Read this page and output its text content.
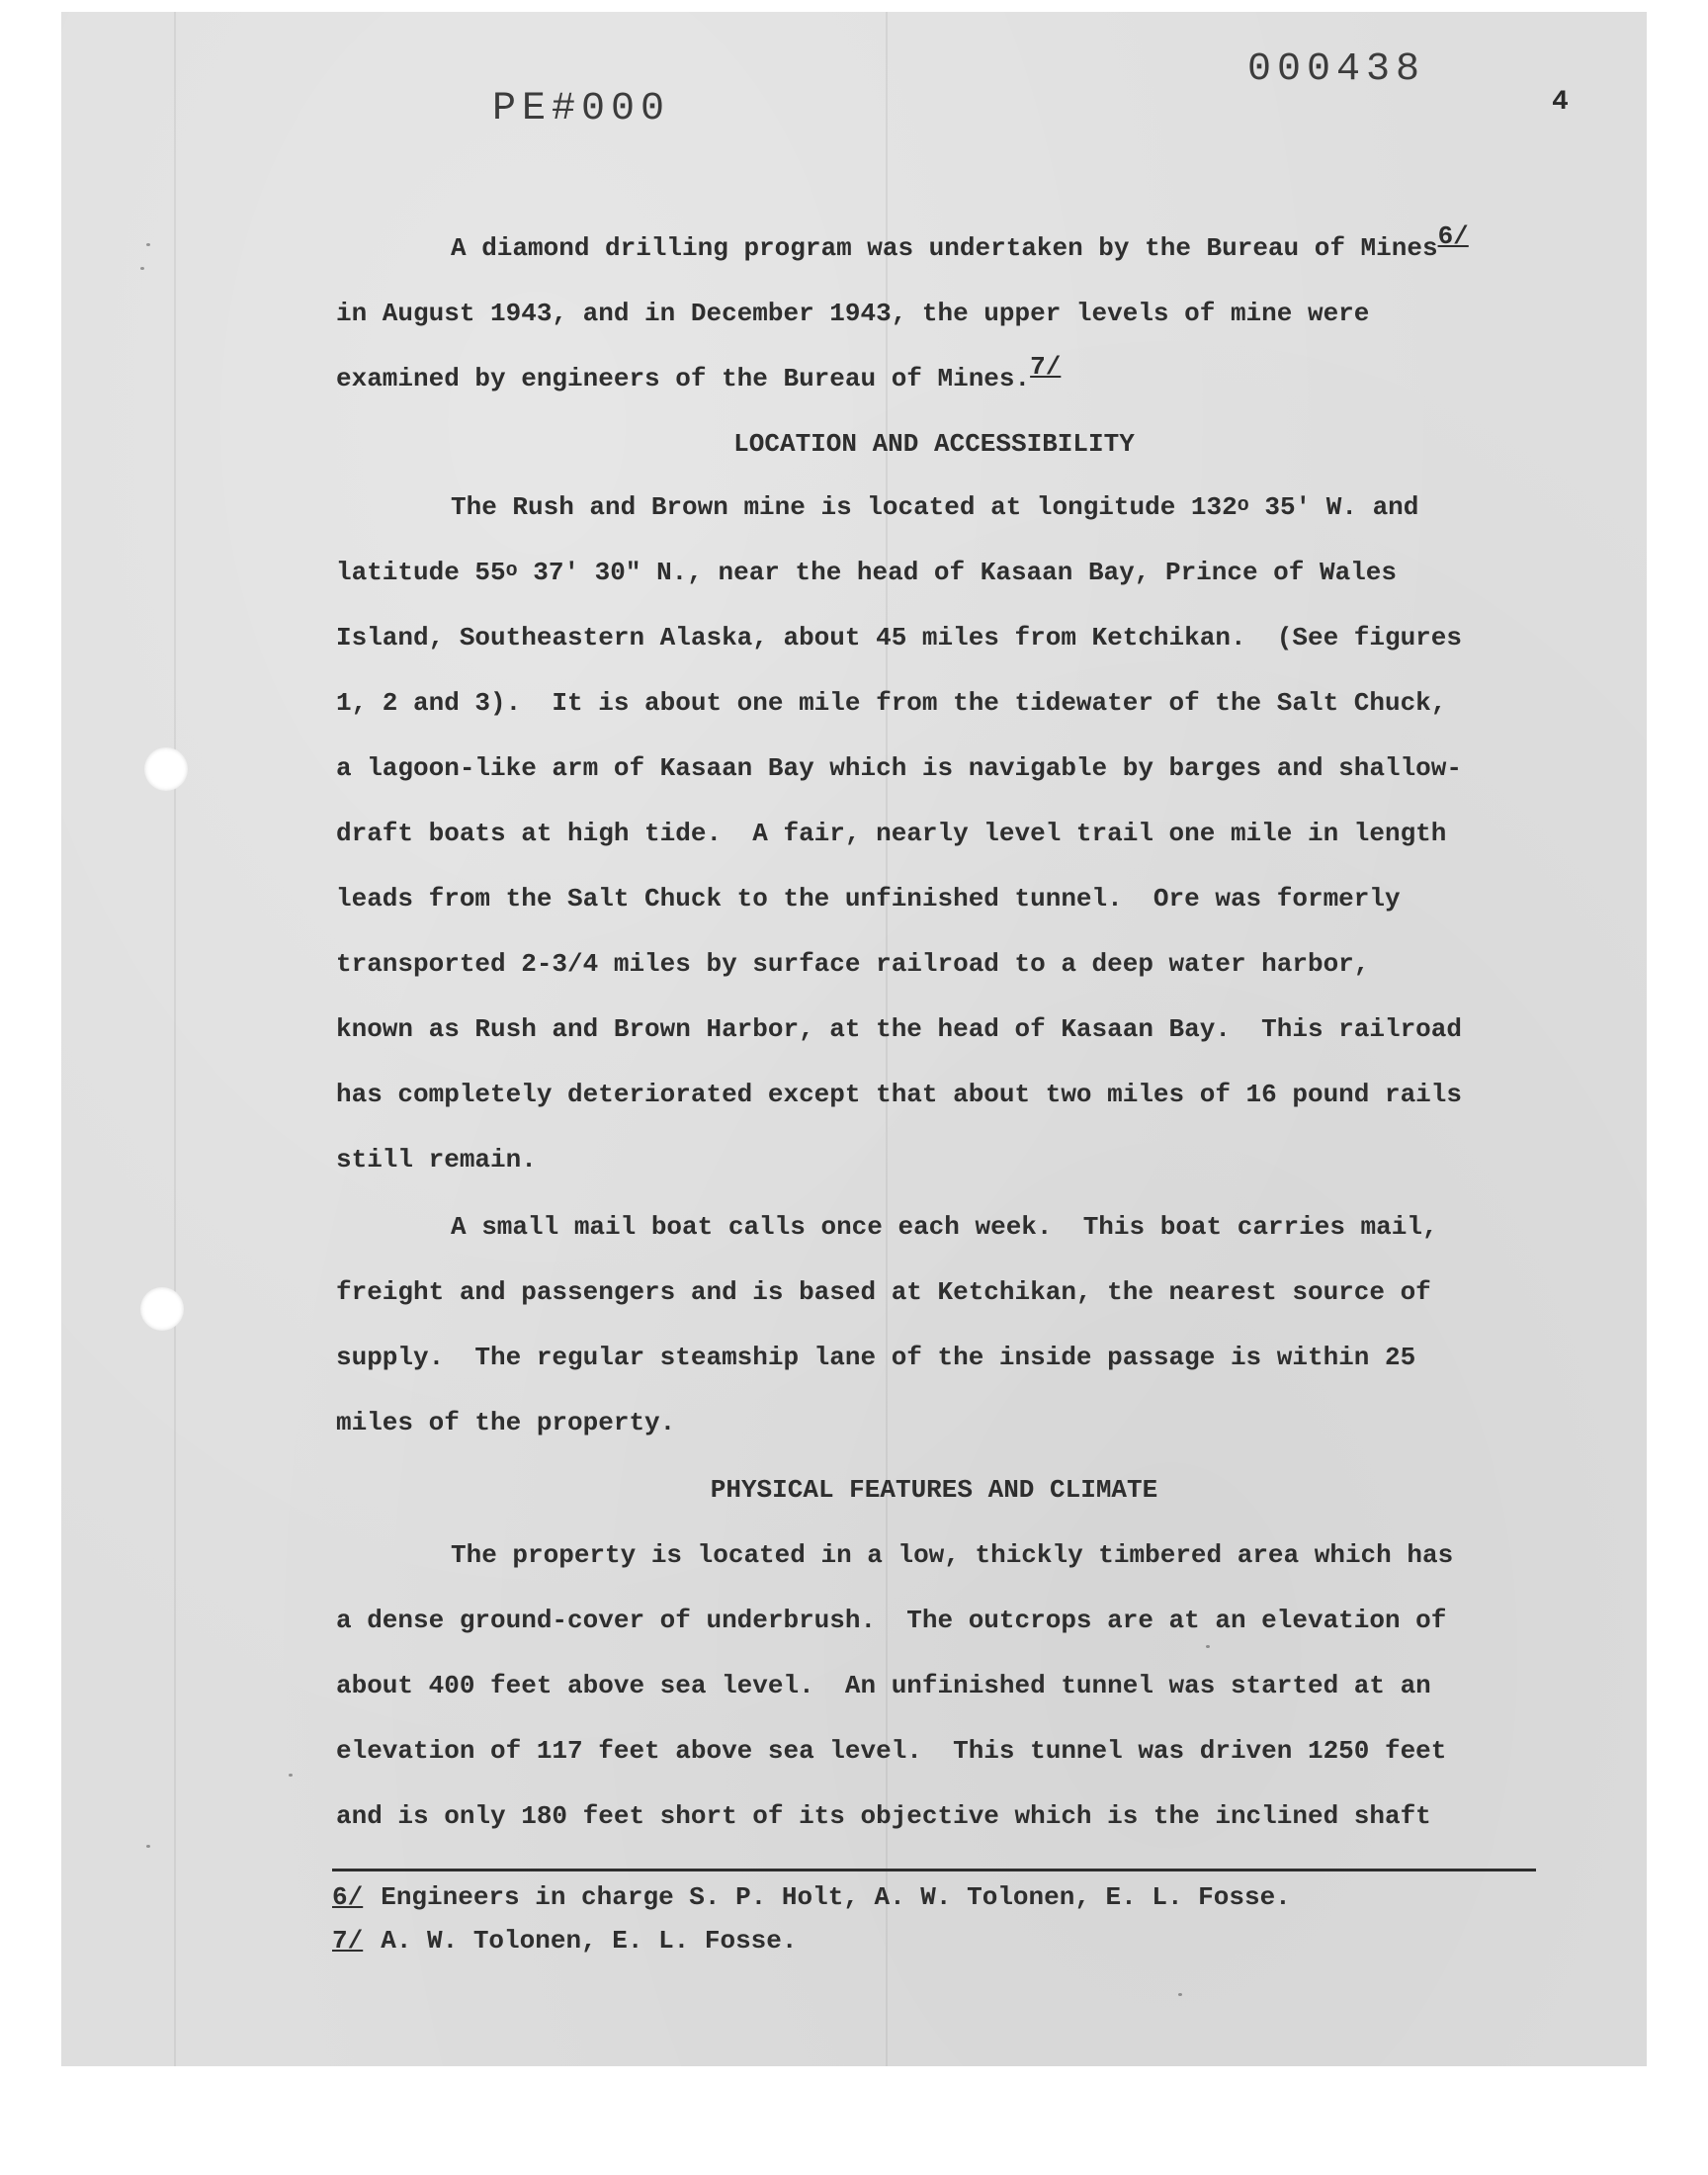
PE#000
000438
4
A diamond drilling program was undertaken by the Bureau of Mines6/
in August 1943, and in December 1943, the upper levels of mine were
examined by engineers of the Bureau of Mines.7/
LOCATION AND ACCESSIBILITY
The Rush and Brown mine is located at longitude 132$^o$ 35' W. and
latitude 55$^o$ 37' 30" N., near the head of Kasaan Bay, Prince of Wales
Island, Southeastern Alaska, about 45 miles from Ketchikan.  (See figures
1, 2 and 3).  It is about one mile from the tidewater of the Salt Chuck,
a lagoon-like arm of Kasaan Bay which is navigable by barges and shallow-
draft boats at high tide.  A fair, nearly level trail one mile in length
leads from the Salt Chuck to the unfinished tunnel.  Ore was formerly
transported 2-3/4 miles by surface railroad to a deep water harbor,
known as Rush and Brown Harbor, at the head of Kasaan Bay.  This railroad
has completely deteriorated except that about two miles of 16 pound rails
still remain.
A small mail boat calls once each week.  This boat carries mail,
freight and passengers and is based at Ketchikan, the nearest source of
supply.  The regular steamship lane of the inside passage is within 25
miles of the property.
PHYSICAL FEATURES AND CLIMATE
The property is located in a low, thickly timbered area which has
a dense ground-cover of underbrush.  The outcrops are at an elevation of
about 400 feet above sea level.  An unfinished tunnel was started at an
elevation of 117 feet above sea level.  This tunnel was driven 1250 feet
and is only 180 feet short of its objective which is the inclined shaft
6/ Engineers in charge S. P. Holt, A. W. Tolonen, E. L. Fosse.
7/ A. W. Tolonen, E. L. Fosse.
